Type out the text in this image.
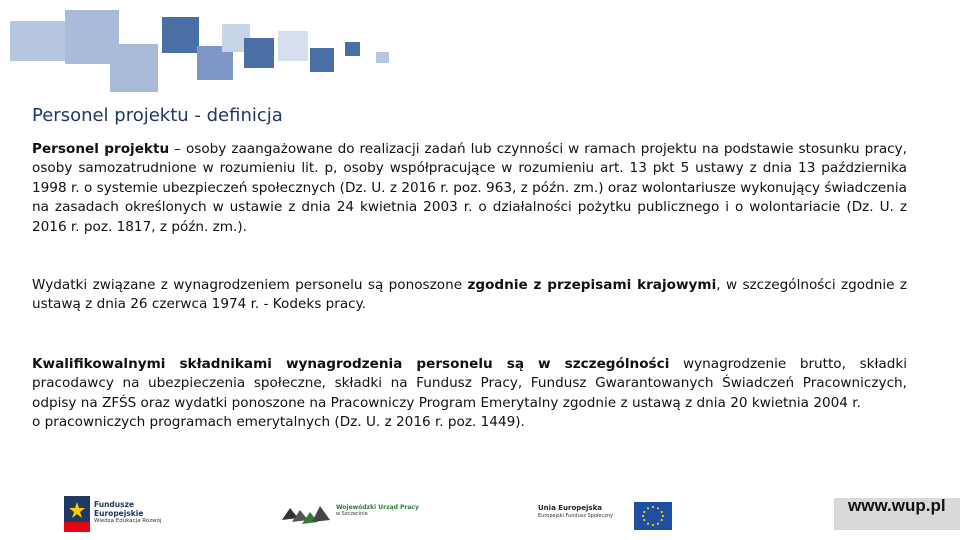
Personel projektu - definicja

Personel projektu – osoby zaangażowane do realizacji zadań lub czynności w ramach projektu na podstawie stosunku pracy, osoby samozatrudnione w rozumieniu lit. p, osoby współpracujące w rozumieniu art. 13 pkt 5 ustawy z dnia 13 października 1998 r. o systemie ubezpieczeń społecznych (Dz. U. z 2016 r. poz. 963, z późn. zm.) oraz wolontariusze wykonujący świadczenia na zasadach określonych w ustawie z dnia 24 kwietnia 2003 r. o działalności pożytku publicznego i o wolontariacie (Dz. U. z 2016 r. poz. 1817, z późn. zm.).

Wydatki związane z wynagrodzeniem personelu są ponoszone zgodnie z przepisami krajowymi, w szczególności zgodnie z ustawą z dnia 26 czerwca 1974 r. - Kodeks pracy.

Kwalifikowalnymi składnikami wynagrodzenia personelu są w szczególności wynagrodzenie brutto, składki pracodawcy na ubezpieczenia społeczne, składki na Fundusz Pracy, Fundusz Gwarantowanych Świadczeń Pracowniczych, odpisy na ZFŚS oraz wydatki ponoszone na Pracowniczy Program Emerytalny zgodnie z ustawą z dnia 20 kwietnia 2004 r.
o pracowniczych programach emerytalnych (Dz. U. z 2016 r. poz. 1449).

Fundusze
Europejskie
Wiedza Edukacja Rozwój
Wojewódzki Urząd Pracy
w Szczecinie
Unia Europejska
Europejski Fundusz Społeczny
www.wup.pl
